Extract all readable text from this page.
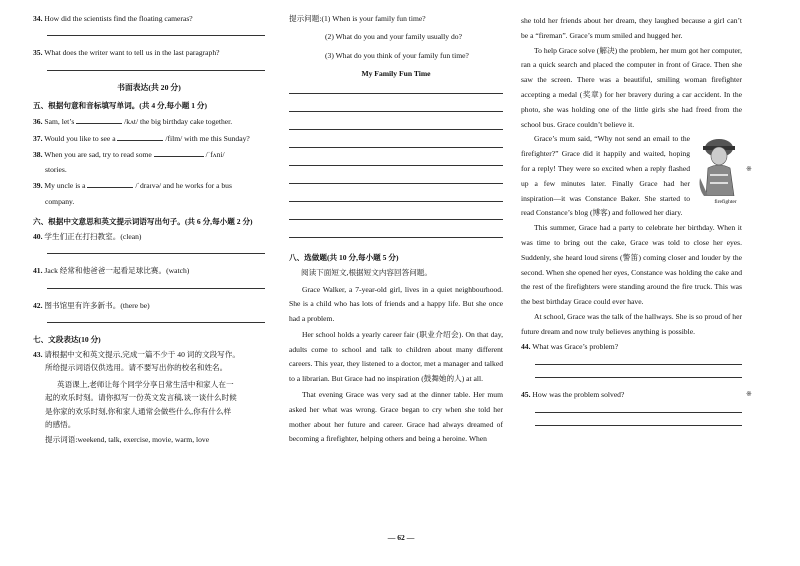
34. How did the scientists find the floating cameras?
35. What does the writer want to tell us in the last paragraph?
书面表达(共 20 分)
五、根据句意和音标填写单词。(共 4 分,每小题 1 分)
36. Sam, let’s	/kʌt/ the big birthday cake together.
37. Would you like to see a	/film/ with me this Sunday?
38. When you are sad, try to read some	/ˈfʌni/
stories.
39. My uncle is a	/ˈdraɪvə/ and he works for a bus
company.
六、根据中文意思和英文提示词语写出句子。(共 6 分,每小题 2 分)
40. 学生们正在打扫教室。(clean)
41. Jack 经常和他爸爸一起看足球比赛。(watch)
42. 图书馆里有许多新书。(there be)
七、文段表达(10 分)
43. 请根据中文和英文提示,完成一篇不少于 40 词的文段写作。
所给提示词语仅供选用。请不要写出你的校名和姓名。
英语课上,老师让每个同学分享日常生活中和家人在一
起的欢乐时刻。请你拟写一份英文发言稿,谈一谈什么时候
是你家的欢乐时刻,你和家人通常会做些什么,你有什么样
的感悟。
提示词语:weekend, talk, exercise, movie, warm, love
提示问题:(1) When is your family fun time?
(2) What do you and your family usually do?
(3) What do you think of your family fun time?
My Family Fun Time
八、选做题(共 10 分,每小题 5 分)
阅读下面短文,根据短文内容回答问题。
Grace Walker, a 7-year-old girl, lives in a quiet neighbourhood. She is a child who has lots of friends and a happy life. But she once had a problem.
Her school holds a yearly career fair (职业介绍会). On that day, adults come to school and talk to children about many different careers. This year, they listened to a doctor, met a manager and talked to a librarian. But Grace had no inspiration (鼓舞她的人) at all.
That evening Grace was very sad at the dinner table. Her mum asked her what was wrong. Grace began to cry when she told her mother about her future and career. Grace had always dreamed of becoming a firefighter, helping others and being a heroine. When
she told her friends about her dream, they laughed because a girl can’t be a “fireman”. Grace’s mum smiled and hugged her.
To help Grace solve (解决) the problem, her mum got her computer, ran a quick search and placed the computer in front of Grace. Then she saw the screen. There was a beautiful, smiling woman firefighter accepting a medal (奖章) for her bravery during a car accident. In the photo, she was holding one of the little girls she had freed from the school bus. Grace couldn’t believe it.
firefighter
Grace’s mum said, “Why not send an email to the firefighter?” Grace did it happily and waited, hoping for a reply! They were so excited when a reply flashed up a few minutes later. Finally Grace had her inspiration—it was Constance Baker. She started to read Constance’s blog (博客) and followed her diary.
This summer, Grace had a party to celebrate her birthday. When it was time to bring out the cake, Grace was told to close her eyes. Suddenly, she heard loud sirens (警笛) coming closer and louder by the second. When she opened her eyes, Constance was holding the cake and the rest of the firefighters were standing around the fire truck. This was the best birthday Grace could ever have.
At school, Grace was the talk of the hallways. She is so proud of her future dream and now truly believes anything is possible.
44. What was Grace’s problem?
45. How was the problem solved?
※
※
— 62 —
